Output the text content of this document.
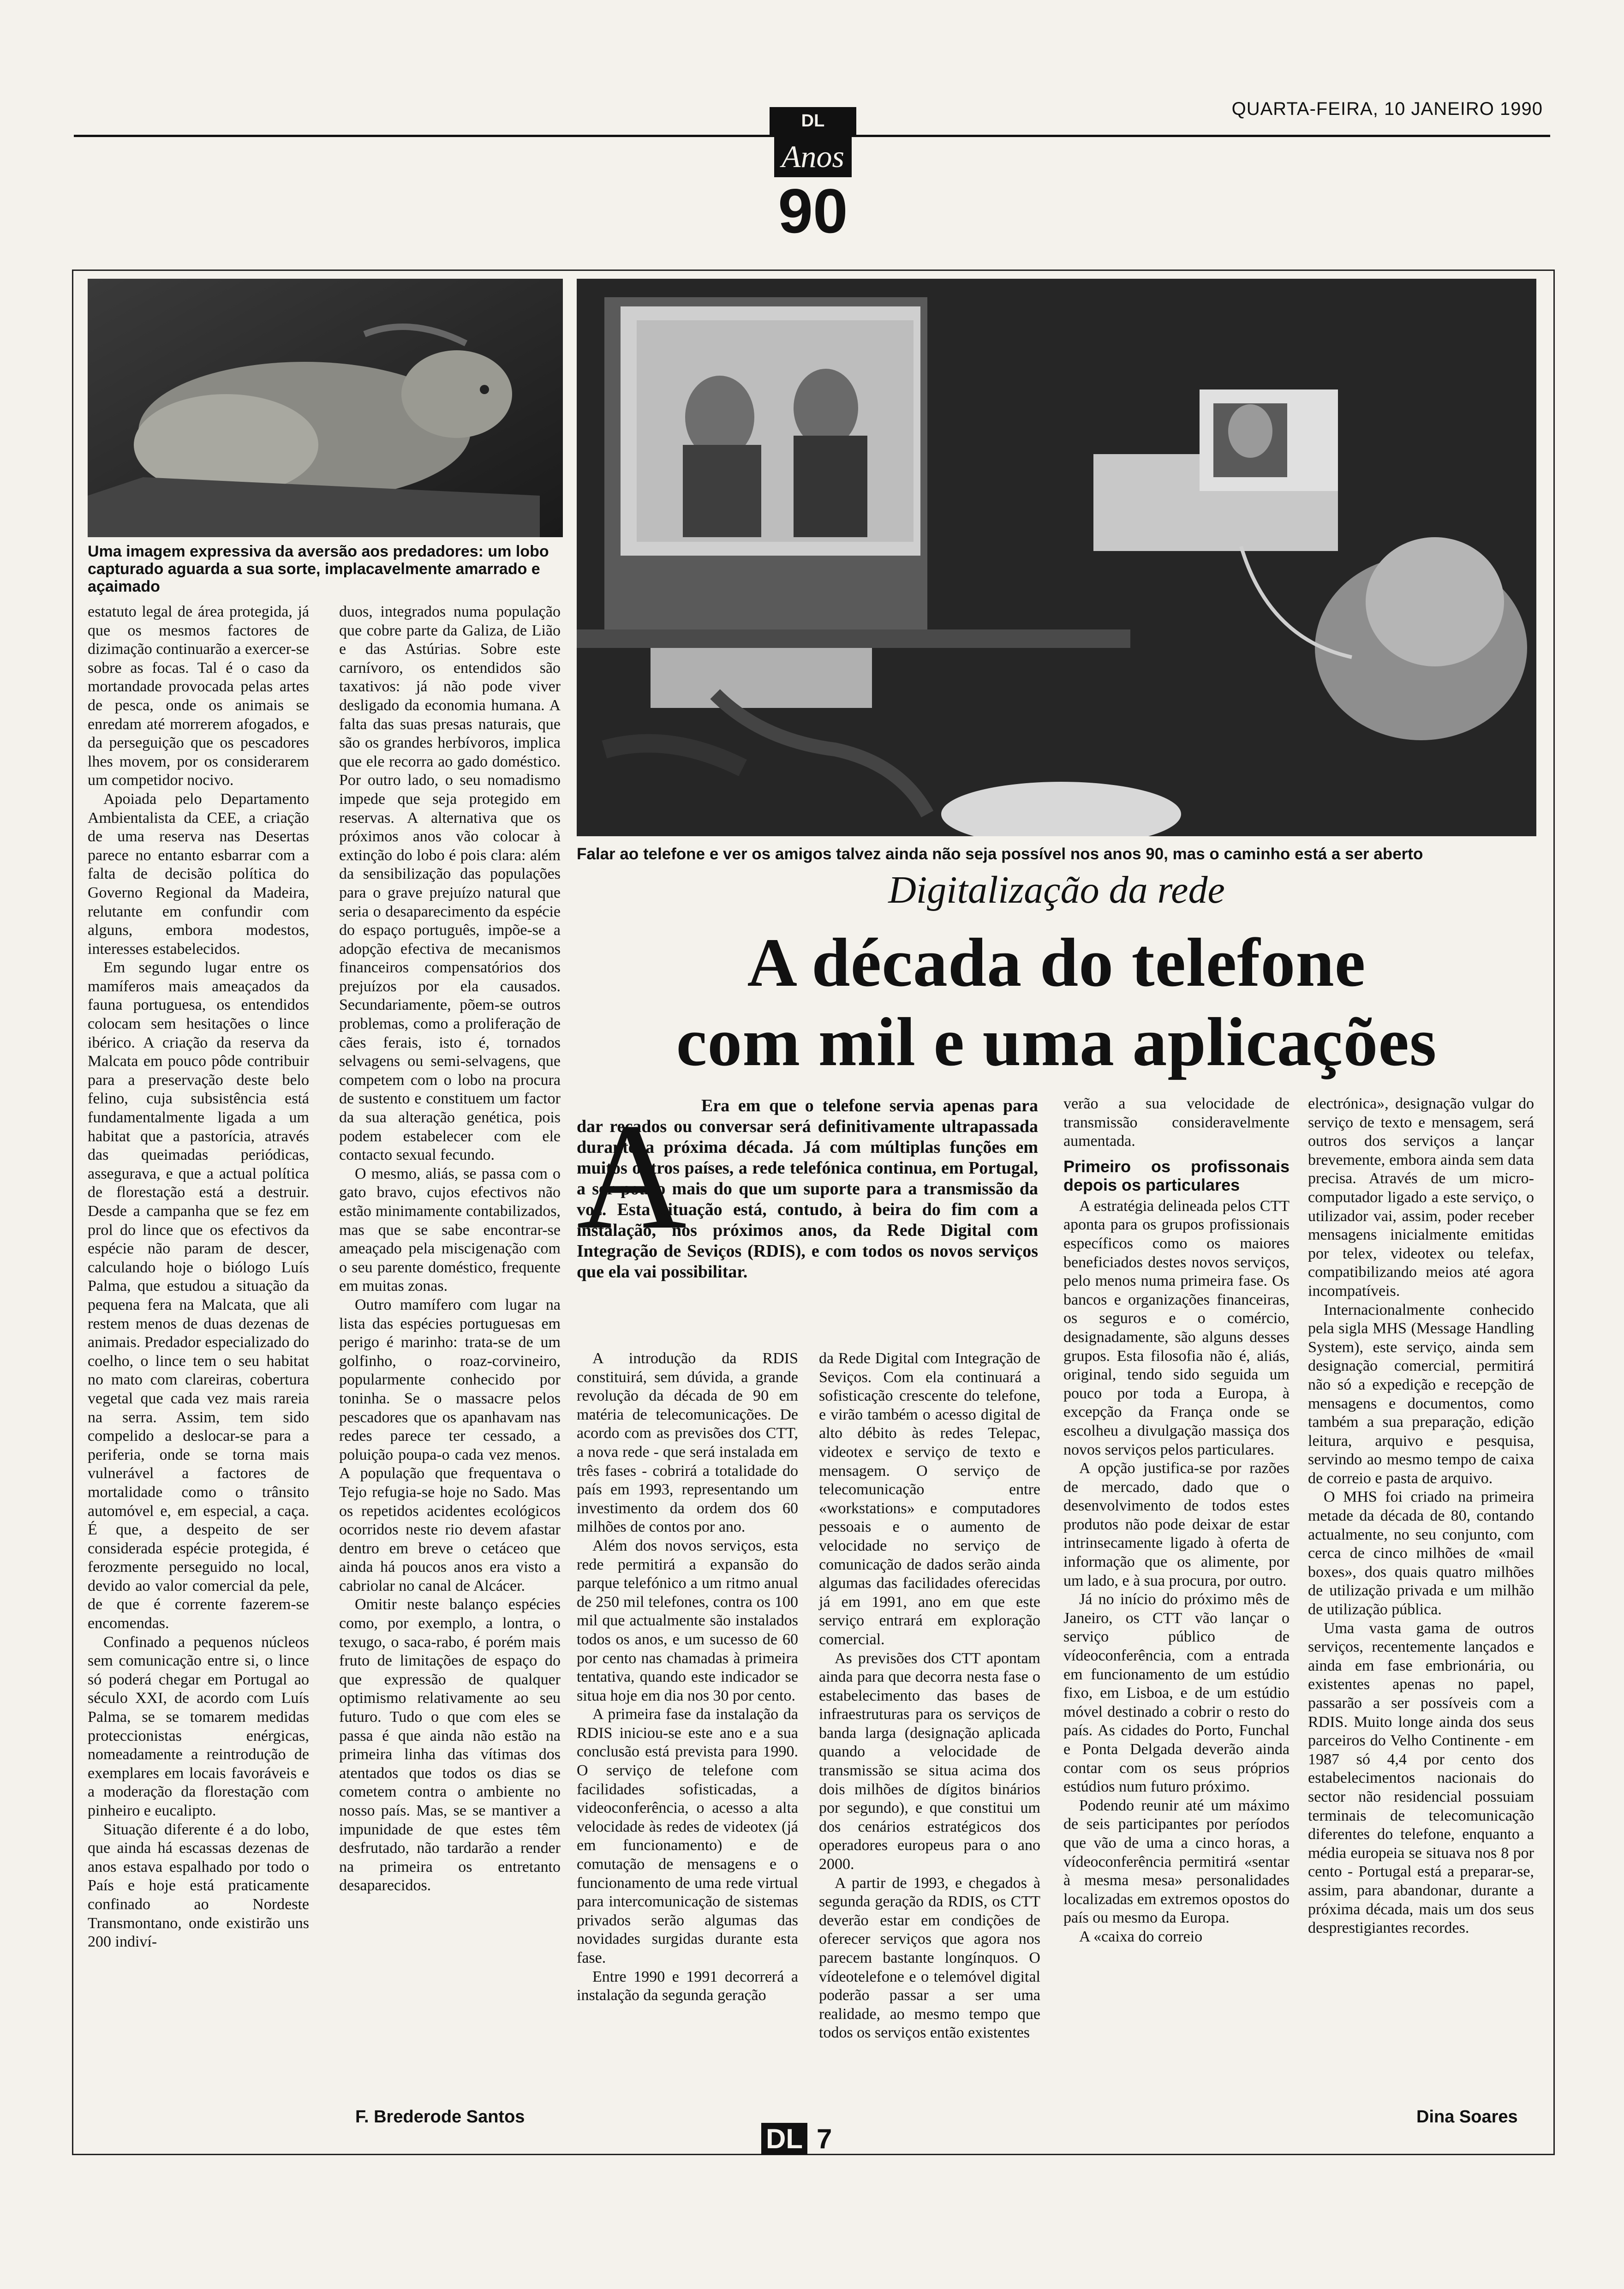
QUARTA-FEIRA, 10 JANEIRO 1990
DL
Anos
90
Uma imagem expressiva da aversão aos predadores: um lobo capturado aguarda a sua sorte, implacavelmente amarrado e açaimado
Falar ao telefone e ver os amigos talvez ainda não seja possível nos anos 90, mas o caminho está a ser aberto

estatuto legal de área protegida, já que os mesmos factores de dizimação continuarão a exercer-se sobre as focas. Tal é o caso da mortandade provocada pelas artes de pesca, onde os animais se enredam até morrerem afogados, e da perseguição que os pescadores lhes movem, por os considerarem um competidor nocivo.

Apoiada pelo Departamento Ambientalista da CEE, a criação de uma reserva nas Desertas parece no entanto esbarrar com a falta de decisão política do Governo Regional da Madeira, relutante em confundir com alguns, embora modestos, interesses estabelecidos.

Em segundo lugar entre os mamíferos mais ameaçados da fauna portuguesa, os entendidos colocam sem hesitações o lince ibérico. A criação da reserva da Malcata em pouco pôde contribuir para a preservação deste belo felino, cuja subsistência está fundamentalmente ligada a um habitat que a pastorícia, através das queimadas periódicas, assegurava, e que a actual política de florestação está a destruir. Desde a campanha que se fez em prol do lince que os efectivos da espécie não param de descer, calculando hoje o biólogo Luís Palma, que estudou a situação da pequena fera na Malcata, que ali restem menos de duas dezenas de animais. Predador especializado do coelho, o lince tem o seu habitat no mato com clareiras, cobertura vegetal que cada vez mais rareia na serra. Assim, tem sido compelido a deslocar-se para a periferia, onde se torna mais vulnerável a factores de mortalidade como o trânsito automóvel e, em especial, a caça. É que, a despeito de ser considerada espécie protegida, é ferozmente perseguido no local, devido ao valor comercial da pele, de que é corrente fazerem-se encomendas.

Confinado a pequenos núcleos sem comunicação entre si, o lince só poderá chegar em Portugal ao século XXI, de acordo com Luís Palma, se se tomarem medidas proteccionistas enérgicas, nomeadamente a reintrodução de exemplares em locais favoráveis e a moderação da florestação com pinheiro e eucalipto.

Situação diferente é a do lobo, que ainda há escassas dezenas de anos estava espalhado por todo o País e hoje está praticamente confinado ao Nordeste Transmontano, onde existirão uns 200 indiví-

duos, integrados numa população que cobre parte da Galiza, de Lião e das Astúrias. Sobre este carnívoro, os entendidos são taxativos: já não pode viver desligado da economia humana. A falta das suas presas naturais, que são os grandes herbívoros, implica que ele recorra ao gado doméstico. Por outro lado, o seu nomadismo impede que seja protegido em reservas. A alternativa que os próximos anos vão colocar à extinção do lobo é pois clara: além da sensibilização das populações para o grave prejuízo natural que seria o desaparecimento da espécie do espaço português, impõe-se a adopção efectiva de mecanismos financeiros compensatórios dos prejuízos por ela causados. Secundariamente, põem-se outros problemas, como a proliferação de cães ferais, isto é, tornados selvagens ou semi-selvagens, que competem com o lobo na procura de sustento e constituem um factor da sua alteração genética, pois podem estabelecer com ele contacto sexual fecundo.

O mesmo, aliás, se passa com o gato bravo, cujos efectivos não estão minimamente contabilizados, mas que se sabe encontrar-se ameaçado pela miscigenação com o seu parente doméstico, frequente em muitas zonas.

Outro mamífero com lugar na lista das espécies portuguesas em perigo é marinho: trata-se de um golfinho, o roaz-corvineiro, popularmente conhecido por toninha. Se o massacre pelos pescadores que os apanhavam nas redes parece ter cessado, a poluição poupa-o cada vez menos. A população que frequentava o Tejo refugia-se hoje no Sado. Mas os repetidos acidentes ecológicos ocorridos neste rio devem afastar dentro em breve o cetáceo que ainda há poucos anos era visto a cabriolar no canal de Alcácer.

Omitir neste balanço espécies como, por exemplo, a lontra, o texugo, o saca-rabo, é porém mais fruto de limitações de espaço do que expressão de qualquer optimismo relativamente ao seu futuro. Tudo o que com eles se passa é que ainda não estão na primeira linha das vítimas dos atentados que todos os dias se cometem contra o ambiente no nosso país. Mas, se se mantiver a impunidade de que estes têm desfrutado, não tardarão a render na primeira os entretanto desaparecidos.

F. Brederode Santos
Digitalização da rede
A década do telefone
com mil e uma aplicações
A Era em que o telefone servia apenas para dar recados ou conversar será definitivamente ultrapassada durante a próxima década. Já com múltiplas funções em muitos outros países, a rede telefónica continua, em Portugal, a ser pouco mais do que um suporte para a transmissão da voz. Esta situação está, contudo, à beira do fim com a instalação, nos próximos anos, da Rede Digital com Integração de Seviços (RDIS), e com todos os novos serviços que ela vai possibilitar.

A introdução da RDIS constituirá, sem dúvida, a grande revolução da década de 90 em matéria de telecomunicações. De acordo com as previsões dos CTT, a nova rede - que será instalada em três fases - cobrirá a totalidade do país em 1993, representando um investimento da ordem dos 60 milhões de contos por ano.

Além dos novos serviços, esta rede permitirá a expansão do parque telefónico a um ritmo anual de 250 mil telefones, contra os 100 mil que actualmente são instalados todos os anos, e um sucesso de 60 por cento nas chamadas à primeira tentativa, quando este indicador se situa hoje em dia nos 30 por cento.

A primeira fase da instalação da RDIS iniciou-se este ano e a sua conclusão está prevista para 1990. O serviço de telefone com facilidades sofisticadas, a videoconferência, o acesso a alta velocidade às redes de videotex (já em funcionamento) e de comutação de mensagens e o funcionamento de uma rede virtual para intercomunicação de sistemas privados serão algumas das novidades surgidas durante esta fase.

Entre 1990 e 1991 decorrerá a instalação da segunda geração

da Rede Digital com Integração de Seviços. Com ela continuará a sofisticação crescente do telefone, e virão também o acesso digital de alto débito às redes Telepac, videotex e serviço de texto e mensagem. O serviço de telecomunicação entre «workstations» e computadores pessoais e o aumento de velocidade no serviço de comunicação de dados serão ainda algumas das facilidades oferecidas já em 1991, ano em que este serviço entrará em exploração comercial.

As previsões dos CTT apontam ainda para que decorra nesta fase o estabelecimento das bases de infraestruturas para os serviços de banda larga (designação aplicada quando a velocidade de transmissão se situa acima dos dois milhões de dígitos binários por segundo), e que constitui um dos cenários estratégicos dos operadores europeus para o ano 2000.

A partir de 1993, e chegados à segunda geração da RDIS, os CTT deverão estar em condições de oferecer serviços que agora nos parecem bastante longínquos. O vídeotelefone e o telemóvel digital poderão passar a ser uma realidade, ao mesmo tempo que todos os serviços então existentes

verão a sua velocidade de transmissão consideravelmente aumentada.

Primeiro os profissonais depois os particulares

A estratégia delineada pelos CTT aponta para os grupos profissionais específicos como os maiores beneficiados destes novos serviços, pelo menos numa primeira fase. Os bancos e organizações financeiras, os seguros e o comércio, designadamente, são alguns desses grupos. Esta filosofia não é, aliás, original, tendo sido seguida um pouco por toda a Europa, à excepção da França onde se escolheu a divulgação massiça dos novos serviços pelos particulares.

A opção justifica-se por razões de mercado, dado que o desenvolvimento de todos estes produtos não pode deixar de estar intrinsecamente ligado à oferta de informação que os alimente, por um lado, e à sua procura, por outro.

Já no início do próximo mês de Janeiro, os CTT vão lançar o serviço público de vídeoconferência, com a entrada em funcionamento de um estúdio fixo, em Lisboa, e de um estúdio móvel destinado a cobrir o resto do país. As cidades do Porto, Funchal e Ponta Delgada deverão ainda contar com os seus próprios estúdios num futuro próximo.

Podendo reunir até um máximo de seis participantes por períodos que vão de uma a cinco horas, a vídeoconferência permitirá «sentar à mesma mesa» personalidades localizadas em extremos opostos do país ou mesmo da Europa.

A «caixa do correio

electrónica», designação vulgar do serviço de texto e mensagem, será outros dos serviços a lançar brevemente, embora ainda sem data precisa. Através de um micro-computador ligado a este serviço, o utilizador vai, assim, poder receber mensagens inicialmente emitidas por telex, videotex ou telefax, compatibilizando meios até agora incompatíveis.

Internacionalmente conhecido pela sigla MHS (Message Handling System), este serviço, ainda sem designação comercial, permitirá não só a expedição e recepção de mensagens e documentos, como também a sua preparação, edição leitura, arquivo e pesquisa, servindo ao mesmo tempo de caixa de correio e pasta de arquivo.

O MHS foi criado na primeira metade da década de 80, contando actualmente, no seu conjunto, com cerca de cinco milhões de «mail boxes», dos quais quatro milhões de utilização privada e um milhão de utilização pública.

Uma vasta gama de outros serviços, recentemente lançados e ainda em fase embrionária, ou existentes apenas no papel, passarão a ser possíveis com a RDIS. Muito longe ainda dos seus parceiros do Velho Continente - em 1987 só 4,4 por cento dos estabelecimentos nacionais do sector não residencial possuiam terminais de telecomunicação diferentes do telefone, enquanto a média europeia se situava nos 8 por cento - Portugal está a preparar-se, assim, para abandonar, durante a próxima década, mais um dos seus desprestigiantes recordes.

Dina Soares
DL 7
